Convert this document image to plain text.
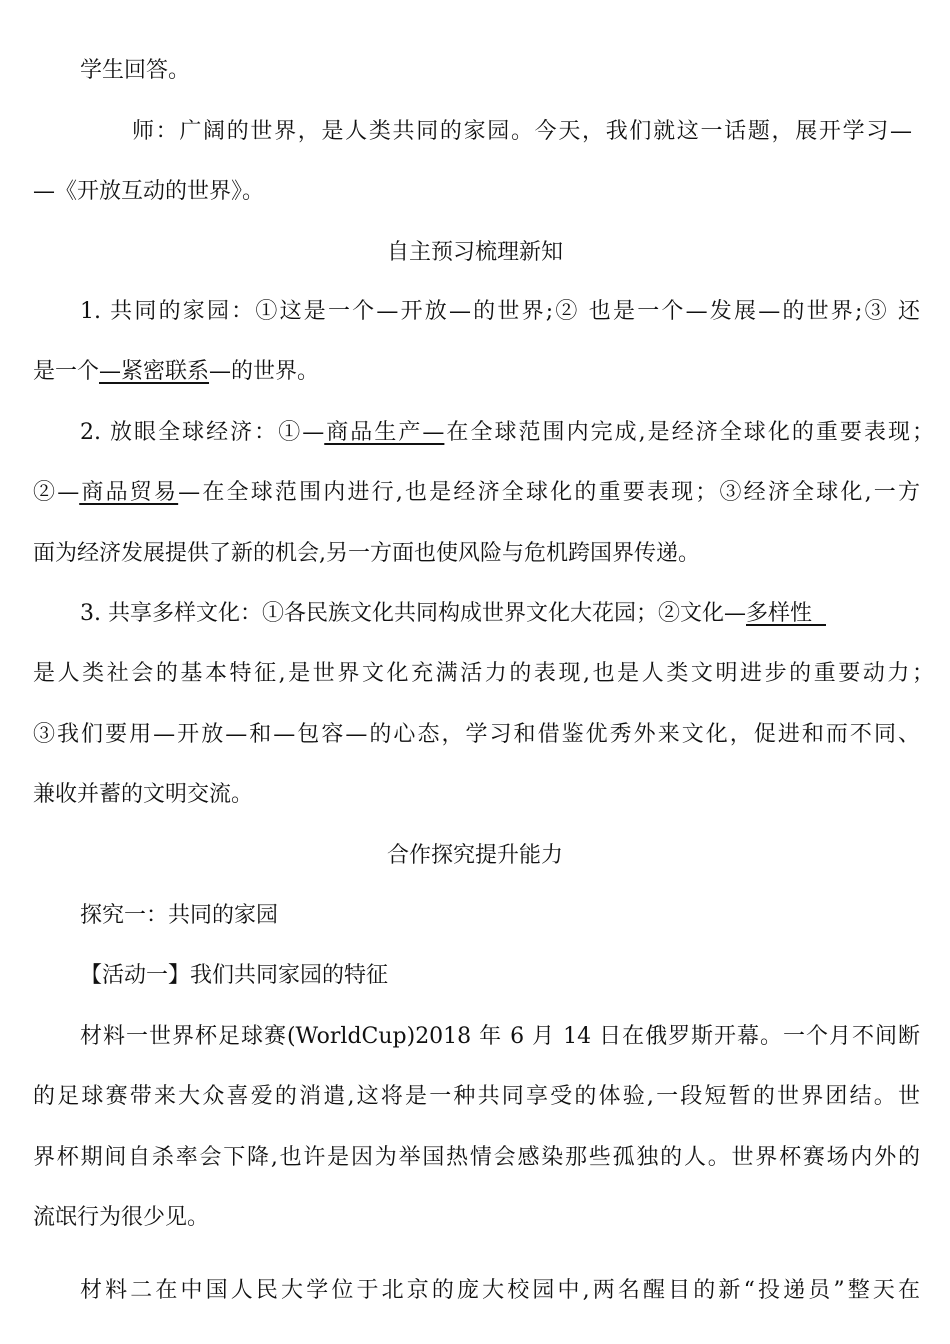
学生回答。
师：广阔的世界，是人类共同的家园。今天，我们就这一话题，展开学习—
—《开放互动的世界》。
自主预习梳理新知
1. 共同的家园：①这是一个—开放—的世界;② 也是一个—发展—的世界;③ 还
是一个—紧密联系—的世界。
2. 放眼全球经济：①—商品生产—在全球范围内完成,是经济全球化的重要表现；
②—商品贸易—在全球范围内进行,也是经济全球化的重要表现；③经济全球化,一方
面为经济发展提供了新的机会,另一方面也使风险与危机跨国界传递。
3. 共享多样文化：①各民族文化共同构成世界文化大花园；②文化—多样性
是人类社会的基本特征,是世界文化充满活力的表现,也是人类文明进步的重要动力；
③我们要用—开放—和—包容—的心态，学习和借鉴优秀外来文化，促进和而不同、
兼收并蓄的文明交流。
合作探究提升能力
探究一：共同的家园
【活动一】我们共同家园的特征
材料一世界杯足球赛(WorldCup)2018 年 6 月 14 日在俄罗斯开幕。一个月不间断
的足球赛带来大众喜爱的消遣,这将是一种共同享受的体验,一段短暂的世界团结。世
界杯期间自杀率会下降,也许是因为举国热情会感染那些孤独的人。世界杯赛场内外的
流氓行为很少见。
材料二在中国人民大学位于北京的庞大校园中,两名醒目的新“投递员”整天在
